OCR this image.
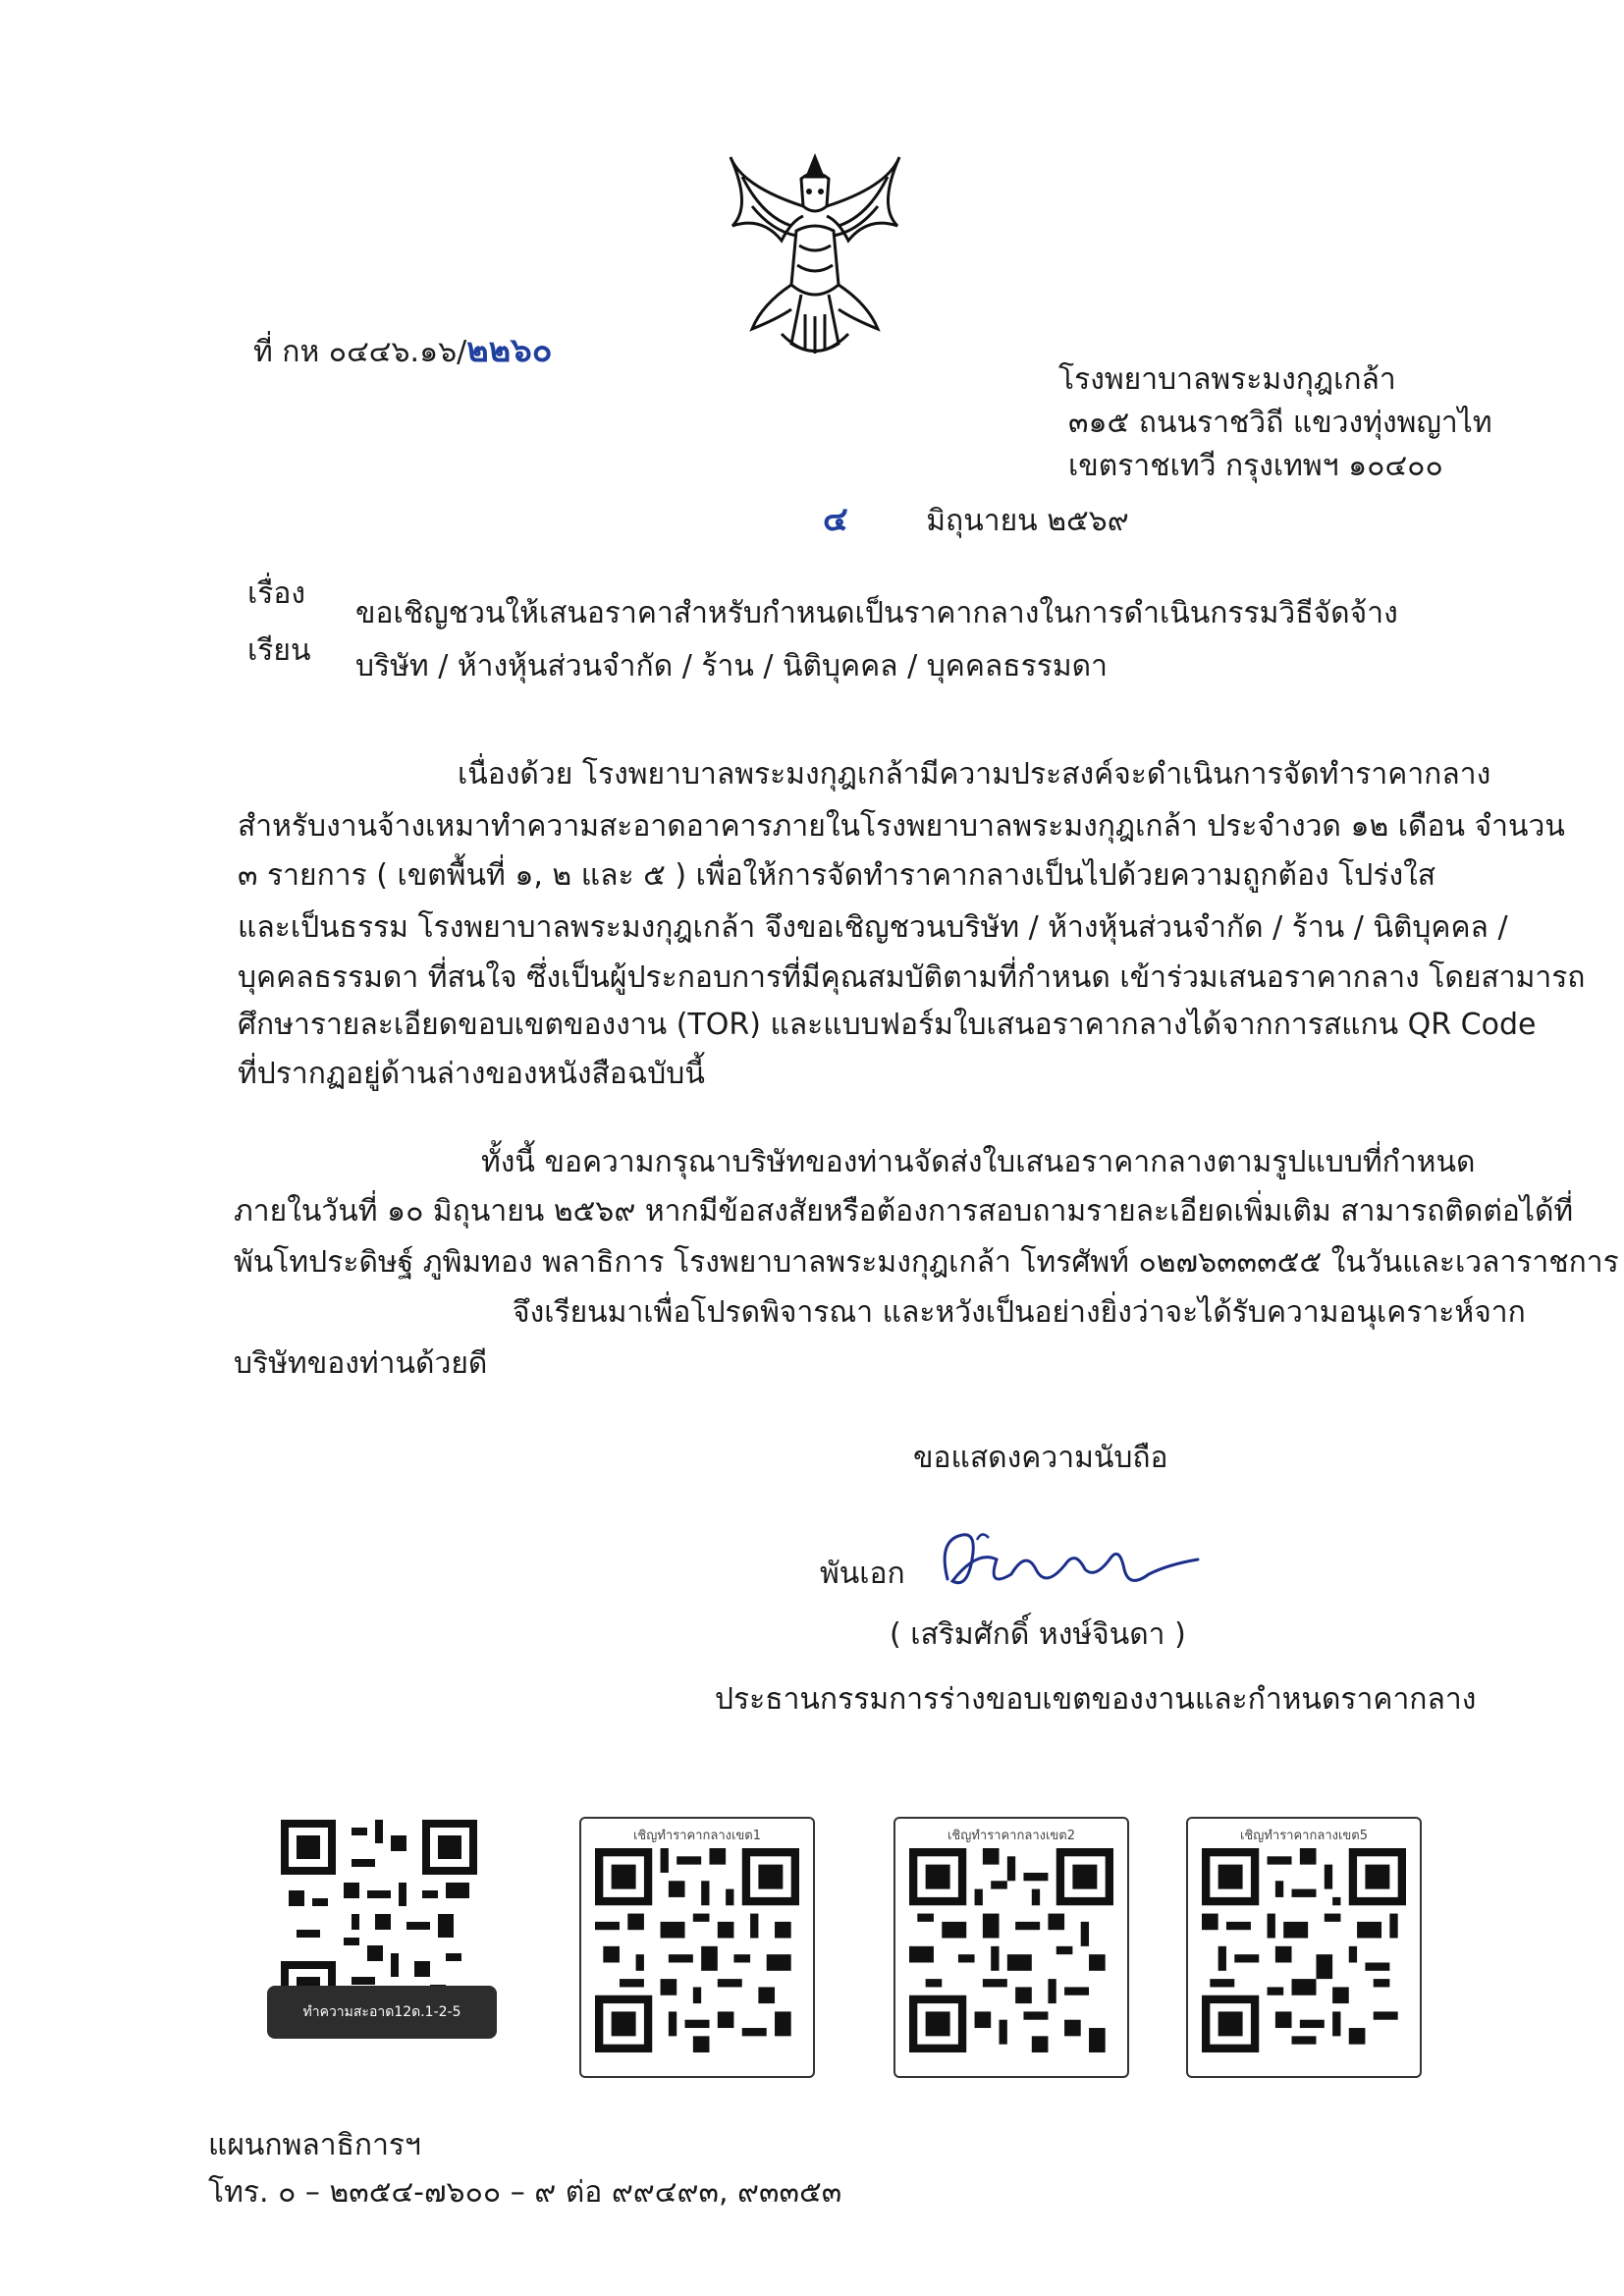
ที่ กห ๐๔๔๖.๑๖/๒๒๖๐
โรงพยาบาลพระมงกุฎเกล้า
๓๑๕ ถนนราชวิถี แขวงทุ่งพญาไท
เขตราชเทวี กรุงเทพฯ ๑๐๔๐๐
๔	มิถุนายน ๒๕๖๙
เรื่อง
ขอเชิญชวนให้เสนอราคาสำหรับกำหนดเป็นราคากลางในการดำเนินกรรมวิธีจัดจ้าง
เรียน บริษัท / ห้างหุ้นส่วนจำกัด / ร้าน / นิติบุคคล / บุคคลธรรมดา

เนื่องด้วย โรงพยาบาลพระมงกุฎเกล้ามีความประสงค์จะดำเนินการจัดทำราคากลาง

สำหรับงานจ้างเหมาทำความสะอาดอาคารภายในโรงพยาบาลพระมงกุฎเกล้า ประจำงวด ๑๒ เดือน จำนวน

๓ รายการ ( เขตพื้นที่ ๑, ๒ และ ๕ ) เพื่อให้การจัดทำราคากลางเป็นไปด้วยความถูกต้อง โปร่งใส

และเป็นธรรม โรงพยาบาลพระมงกุฎเกล้า จึงขอเชิญชวนบริษัท / ห้างหุ้นส่วนจำกัด / ร้าน / นิติบุคคล /

บุคคลธรรมดา ที่สนใจ ซึ่งเป็นผู้ประกอบการที่มีคุณสมบัติตามที่กำหนด เข้าร่วมเสนอราคากลาง โดยสามารถ

ศึกษารายละเอียดขอบเขตของงาน (TOR) และแบบฟอร์มใบเสนอราคากลางได้จากการสแกน QR Code

ที่ปรากฏอยู่ด้านล่างของหนังสือฉบับนี้

ทั้งนี้ ขอความกรุณาบริษัทของท่านจัดส่งใบเสนอราคากลางตามรูปแบบที่กำหนด

ภายในวันที่ ๑๐ มิถุนายน ๒๕๖๙ หากมีข้อสงสัยหรือต้องการสอบถามรายละเอียดเพิ่มเติม สามารถติดต่อได้ที่

พันโทประดิษฐ์ ภูพิมทอง พลาธิการ โรงพยาบาลพระมงกุฎเกล้า โทรศัพท์ ๐๒๗๖๓๓๓๕๕ ในวันและเวลาราชการ

จึงเรียนมาเพื่อโปรดพิจารณา และหวังเป็นอย่างยิ่งว่าจะได้รับความอนุเคราะห์จาก

บริษัทของท่านด้วยดี

ขอแสดงความนับถือ
พันเอก
( เสริมศักดิ์ หงษ์จินดา )
ประธานกรรมการร่างขอบเขตของงานและกำหนดราคากลาง
ทำความสะอาด12ด.1-2-5
เชิญทำราคากลางเขต1	เชิญทำราคากลางเขต2	เชิญทำราคากลางเขต5
แผนกพลาธิการฯ
โทร. ๐ – ๒๓๕๔-๗๖๐๐ – ๙ ต่อ ๙๙๔๙๓, ๙๓๓๕๓
